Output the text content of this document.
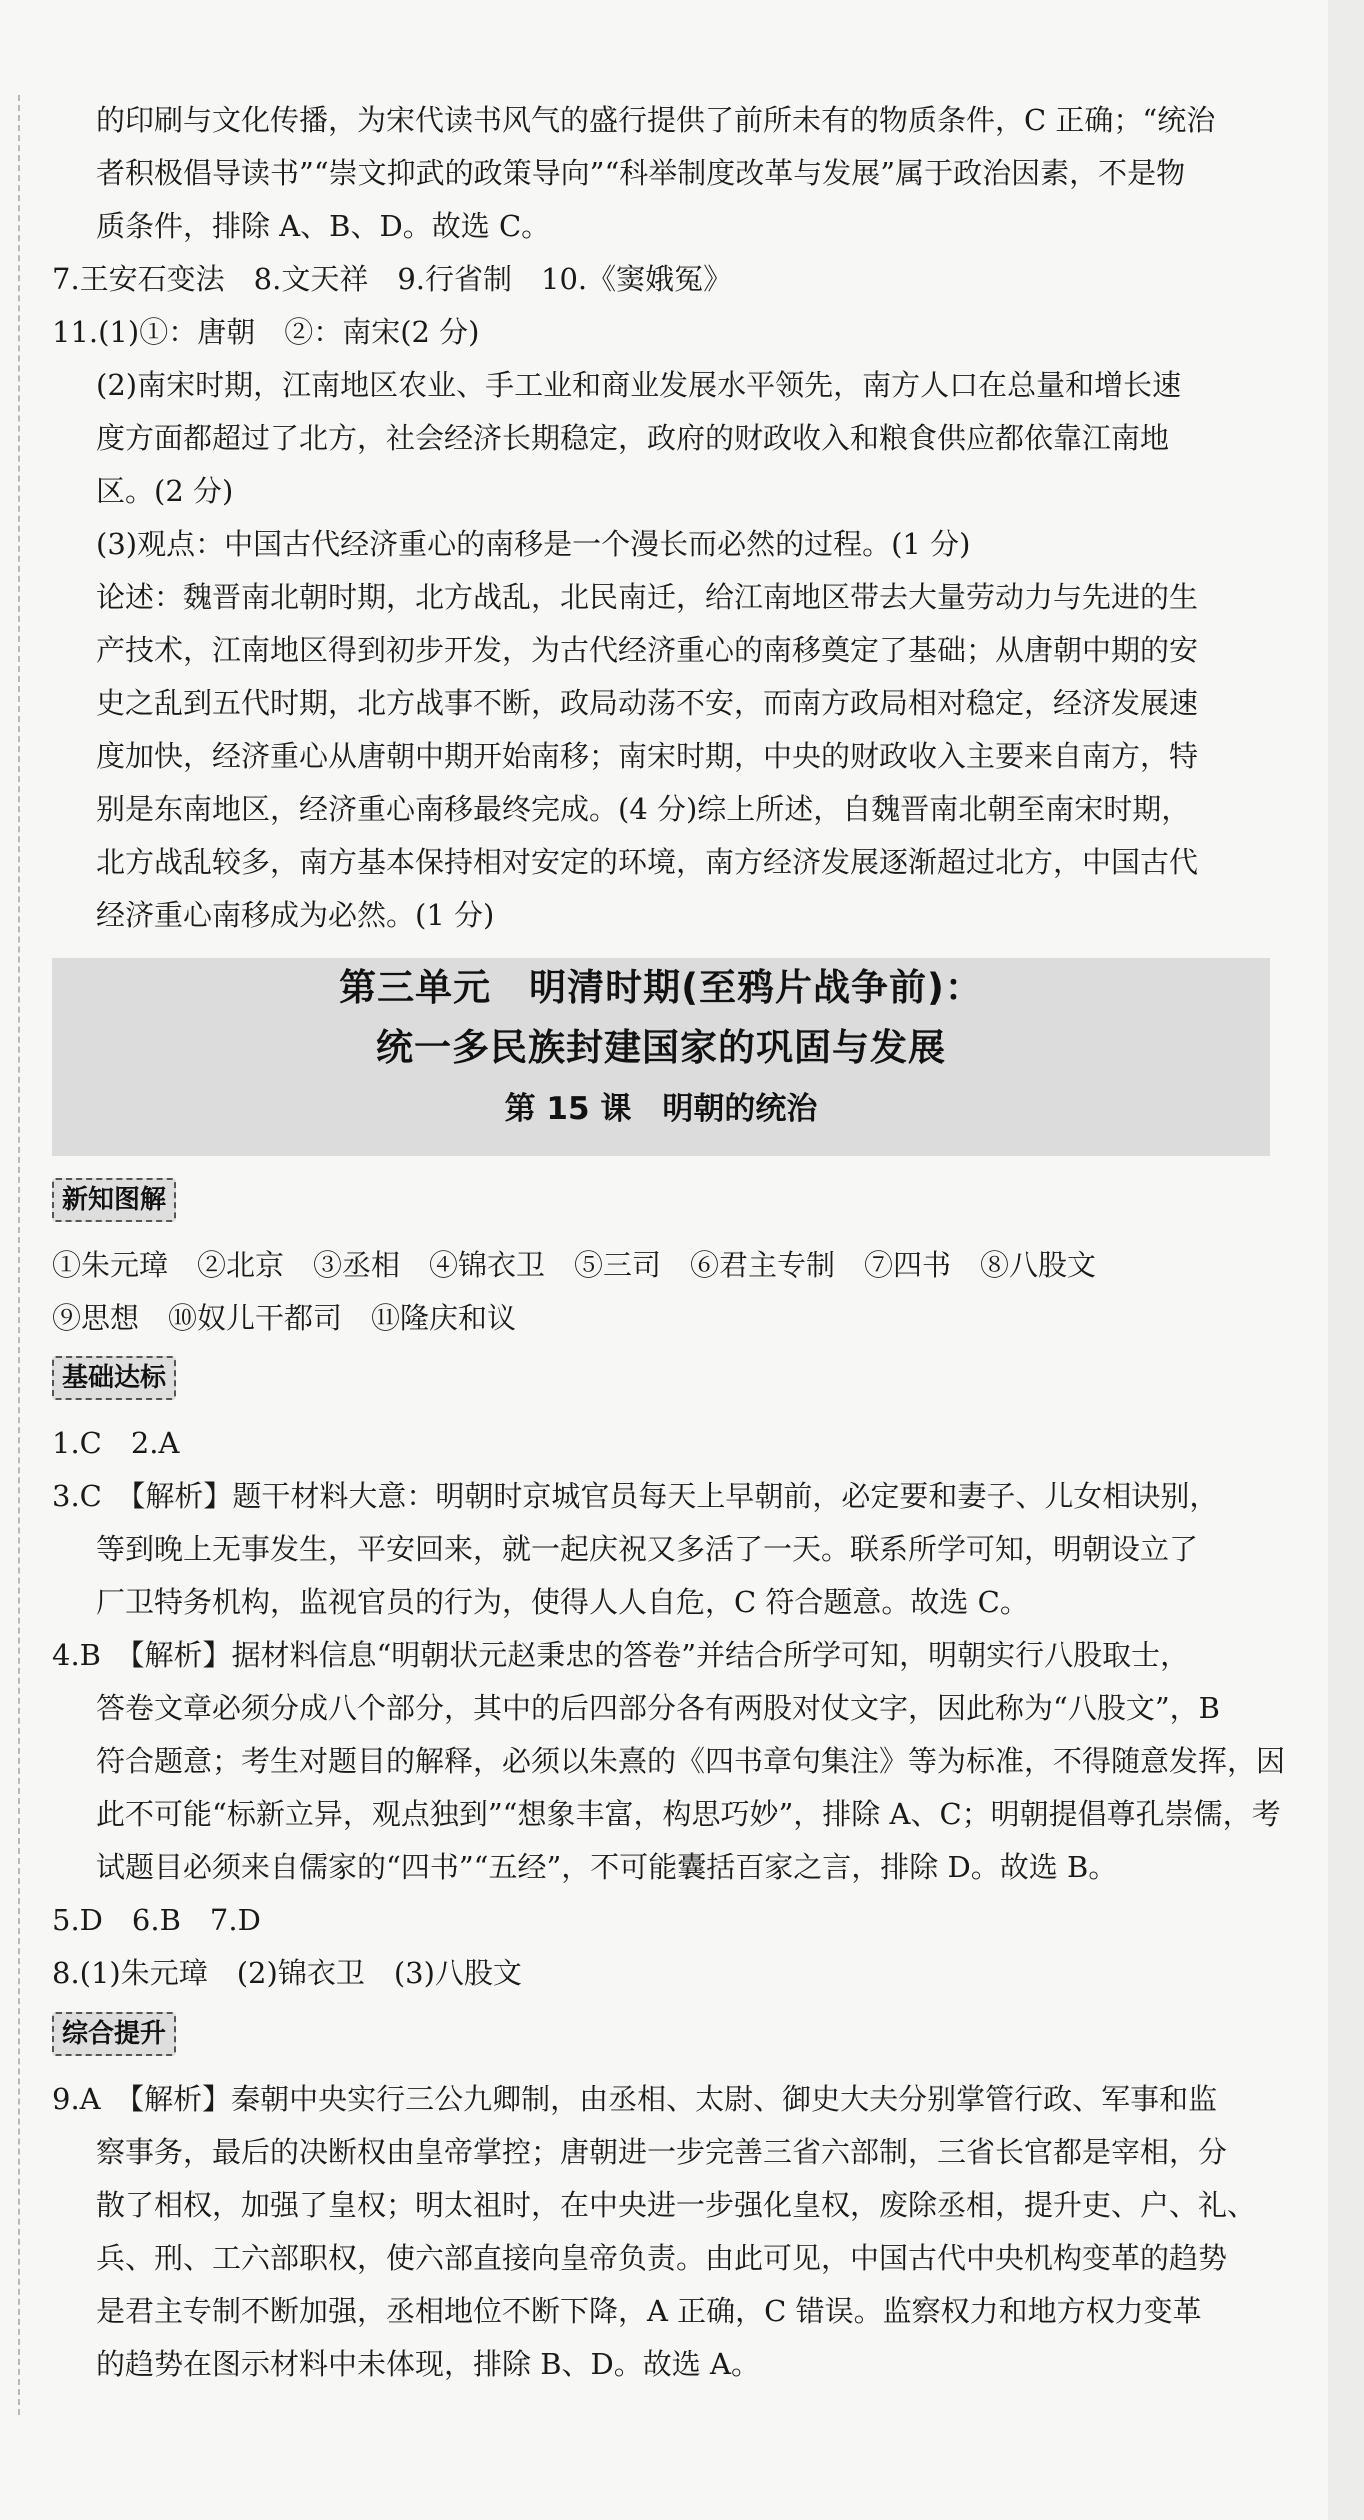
的印刷与文化传播，为宋代读书风气的盛行提供了前所未有的物质条件，C 正确；“统治
者积极倡导读书”“崇文抑武的政策导向”“科举制度改革与发展”属于政治因素，不是物
质条件，排除 A、B、D。故选 C。
7.王安石变法　8.文天祥　9.行省制　10.《窦娥冤》
11.(1)①：唐朝　②：南宋(2 分)
(2)南宋时期，江南地区农业、手工业和商业发展水平领先，南方人口在总量和增长速
度方面都超过了北方，社会经济长期稳定，政府的财政收入和粮食供应都依靠江南地
区。(2 分)
(3)观点：中国古代经济重心的南移是一个漫长而必然的过程。(1 分)
论述：魏晋南北朝时期，北方战乱，北民南迁，给江南地区带去大量劳动力与先进的生
产技术，江南地区得到初步开发，为古代经济重心的南移奠定了基础；从唐朝中期的安
史之乱到五代时期，北方战事不断，政局动荡不安，而南方政局相对稳定，经济发展速
度加快，经济重心从唐朝中期开始南移；南宋时期，中央的财政收入主要来自南方，特
别是东南地区，经济重心南移最终完成。(4 分)综上所述，自魏晋南北朝至南宋时期，
北方战乱较多，南方基本保持相对安定的环境，南方经济发展逐渐超过北方，中国古代
经济重心南移成为必然。(1 分)
第三单元　明清时期(至鸦片战争前)：
统一多民族封建国家的巩固与发展
第 15 课　明朝的统治
新知图解
①朱元璋　②北京　③丞相　④锦衣卫　⑤三司　⑥君主专制　⑦四书　⑧八股文
⑨思想　⑩奴儿干都司　⑪隆庆和议
基础达标
1.C　2.A
3.C　【解析】题干材料大意：明朝时京城官员每天上早朝前，必定要和妻子、儿女相诀别，
等到晚上无事发生，平安回来，就一起庆祝又多活了一天。联系所学可知，明朝设立了
厂卫特务机构，监视官员的行为，使得人人自危，C 符合题意。故选 C。
4.B　【解析】据材料信息“明朝状元赵秉忠的答卷”并结合所学可知，明朝实行八股取士，
答卷文章必须分成八个部分，其中的后四部分各有两股对仗文字，因此称为“八股文”，B
符合题意；考生对题目的解释，必须以朱熹的《四书章句集注》等为标准，不得随意发挥，因
此不可能“标新立异，观点独到”“想象丰富，构思巧妙”，排除 A、C；明朝提倡尊孔崇儒，考
试题目必须来自儒家的“四书”“五经”，不可能囊括百家之言，排除 D。故选 B。
5.D　6.B　7.D
8.(1)朱元璋　(2)锦衣卫　(3)八股文
综合提升
9.A　【解析】秦朝中央实行三公九卿制，由丞相、太尉、御史大夫分别掌管行政、军事和监
察事务，最后的决断权由皇帝掌控；唐朝进一步完善三省六部制，三省长官都是宰相，分
散了相权，加强了皇权；明太祖时，在中央进一步强化皇权，废除丞相，提升吏、户、礼、
兵、刑、工六部职权，使六部直接向皇帝负责。由此可见，中国古代中央机构变革的趋势
是君主专制不断加强，丞相地位不断下降，A 正确，C 错误。监察权力和地方权力变革
的趋势在图示材料中未体现，排除 B、D。故选 A。
